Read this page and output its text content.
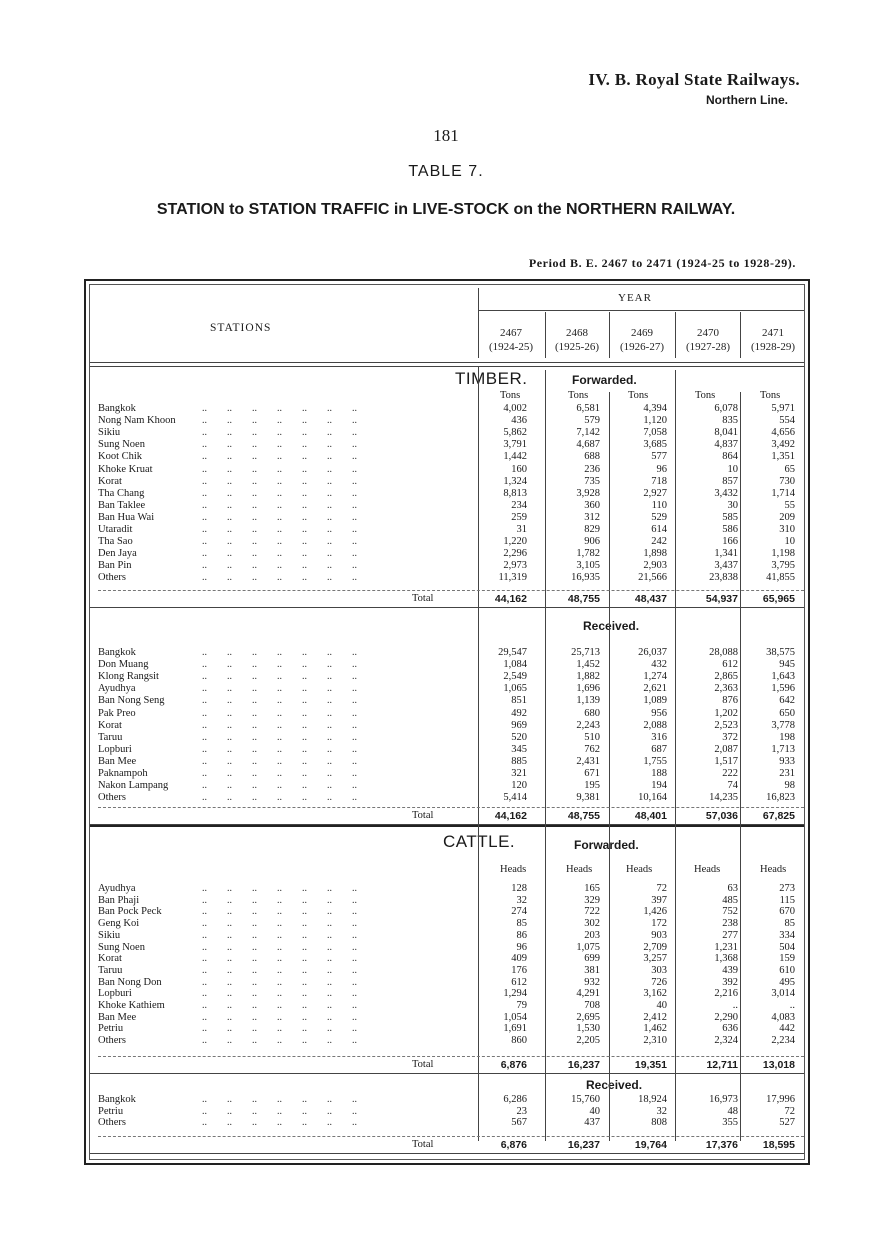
IV. B. Royal State Railways.
Northern Line.
181
TABLE 7.
STATION to STATION TRAFFIC in LIVE-STOCK on the NORTHERN RAILWAY.
Period B. E. 2467 to 2471 (1924-25 to 1928-29).
STATIONS
YEAR
2467
(1924-25)
2468
(1925-26)
2469
(1926-27)
2470
(1927-28)
2471
(1928-29)
TIMBER.	Forwarded.
Received.
CATTLE.	Forwarded.
Received.
Tons	Tons	Tons	Tons	Tons
Heads	Heads	Heads	Heads	Heads
Bangkok	..        ..        ..        ..        ..        ..        ..	4,002	6,581	4,394	6,078	5,971
Nong Nam Khoon	..        ..        ..        ..        ..        ..        ..	436	579	1,120	835	554
Sikiu	..        ..        ..        ..        ..        ..        ..	5,862	7,142	7,058	8,041	4,656
Sung Noen	..        ..        ..        ..        ..        ..        ..	3,791	4,687	3,685	4,837	3,492
Koot Chik	..        ..        ..        ..        ..        ..        ..	1,442	688	577	864	1,351
Khoke Kruat	..        ..        ..        ..        ..        ..        ..	160	236	96	10	65
Korat	..        ..        ..        ..        ..        ..        ..	1,324	735	718	857	730
Tha Chang	..        ..        ..        ..        ..        ..        ..	8,813	3,928	2,927	3,432	1,714
Ban Taklee	..        ..        ..        ..        ..        ..        ..	234	360	110	30	55
Ban Hua Wai	..        ..        ..        ..        ..        ..        ..	259	312	529	585	209
Utaradit	..        ..        ..        ..        ..        ..        ..	31	829	614	586	310
Tha Sao	..        ..        ..        ..        ..        ..        ..	1,220	906	242	166	10
Den Jaya	..        ..        ..        ..        ..        ..        ..	2,296	1,782	1,898	1,341	1,198
Ban Pin	..        ..        ..        ..        ..        ..        ..	2,973	3,105	2,903	3,437	3,795
Others	..        ..        ..        ..        ..        ..        ..	11,319	16,935	21,566	23,838	41,855
Total	44,162	48,755	48,437	54,937	65,965
Bangkok	..        ..        ..        ..        ..        ..        ..	29,547	25,713	26,037	28,088	38,575
Don Muang	..        ..        ..        ..        ..        ..        ..	1,084	1,452	432	612	945
Klong Rangsit	..        ..        ..        ..        ..        ..        ..	2,549	1,882	1,274	2,865	1,643
Ayudhya	..        ..        ..        ..        ..        ..        ..	1,065	1,696	2,621	2,363	1,596
Ban Nong Seng	..        ..        ..        ..        ..        ..        ..	851	1,139	1,089	876	642
Pak Preo	..        ..        ..        ..        ..        ..        ..	492	680	956	1,202	650
Korat	..        ..        ..        ..        ..        ..        ..	969	2,243	2,088	2,523	3,778
Taruu	..        ..        ..        ..        ..        ..        ..	520	510	316	372	198
Lopburi	..        ..        ..        ..        ..        ..        ..	345	762	687	2,087	1,713
Ban Mee	..        ..        ..        ..        ..        ..        ..	885	2,431	1,755	1,517	933
Paknampoh	..        ..        ..        ..        ..        ..        ..	321	671	188	222	231
Nakon Lampang	..        ..        ..        ..        ..        ..        ..	120	195	194	74	98
Others	..        ..        ..        ..        ..        ..        ..	5,414	9,381	10,164	14,235	16,823
Total	44,162	48,755	48,401	57,036	67,825
Ayudhya	..        ..        ..        ..        ..        ..        ..	128	165	72	63	273
Ban Phaji	..        ..        ..        ..        ..        ..        ..	32	329	397	485	115
Ban Pock Peck	..        ..        ..        ..        ..        ..        ..	274	722	1,426	752	670
Geng Koi	..        ..        ..        ..        ..        ..        ..	85	302	172	238	85
Sikiu	..        ..        ..        ..        ..        ..        ..	86	203	903	277	334
Sung Noen	..        ..        ..        ..        ..        ..        ..	96	1,075	2,709	1,231	504
Korat	..        ..        ..        ..        ..        ..        ..	409	699	3,257	1,368	159
Taruu	..        ..        ..        ..        ..        ..        ..	176	381	303	439	610
Ban Nong Don	..        ..        ..        ..        ..        ..        ..	612	932	726	392	495
Lopburi	..        ..        ..        ..        ..        ..        ..	1,294	4,291	3,162	2,216	3,014
Khoke Kathiem	..        ..        ..        ..        ..        ..        ..	79	708	40	..	..
Ban Mee	..        ..        ..        ..        ..        ..        ..	1,054	2,695	2,412	2,290	4,083
Petriu	..        ..        ..        ..        ..        ..        ..	1,691	1,530	1,462	636	442
Others	..        ..        ..        ..        ..        ..        ..	860	2,205	2,310	2,324	2,234
Total	6,876	16,237	19,351	12,711	13,018
Bangkok	..        ..        ..        ..        ..        ..        ..	6,286	15,760	18,924	16,973	17,996
Petriu	..        ..        ..        ..        ..        ..        ..	23	40	32	48	72
Others	..        ..        ..        ..        ..        ..        ..	567	437	808	355	527
Total	6,876	16,237	19,764	17,376	18,595
